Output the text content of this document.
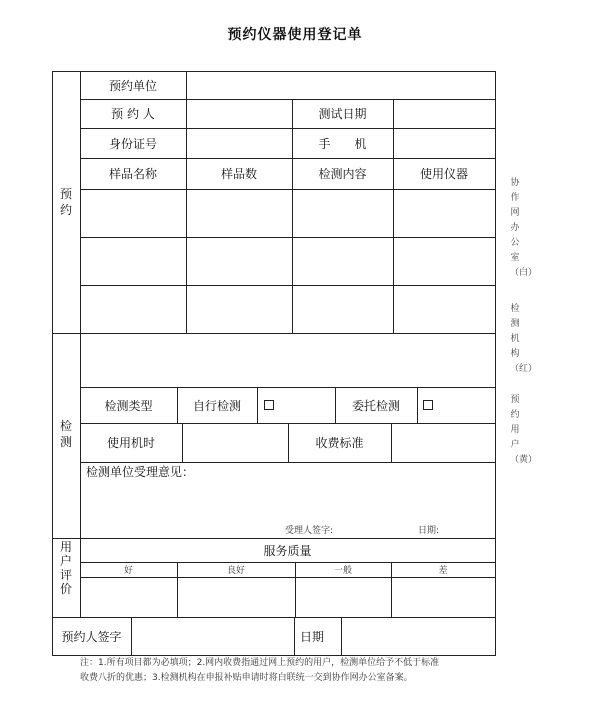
预约仪器使用登记单
预约
预约单位
预 约 人	测试日期
身份证号	手　　机
样品名称	样品数	检测内容	使用仪器
检测
检测类型	自行检测	委托检测
使用机时	收费标准
检测单位受理意见：
受理人签字:	日期:
用户评价
服务质量
好	良好	一般	差
预约人签字	日期
协作网办公室（白）
检测机构（红）
预约用户（黄）
注：1.所有项目都为必填项；2.网内收费指通过网上预约的用户，检测单位给予不低于标准
收费八折的优惠；3.检测机构在申报补贴申请时将白联统一交到协作网办公室备案。
